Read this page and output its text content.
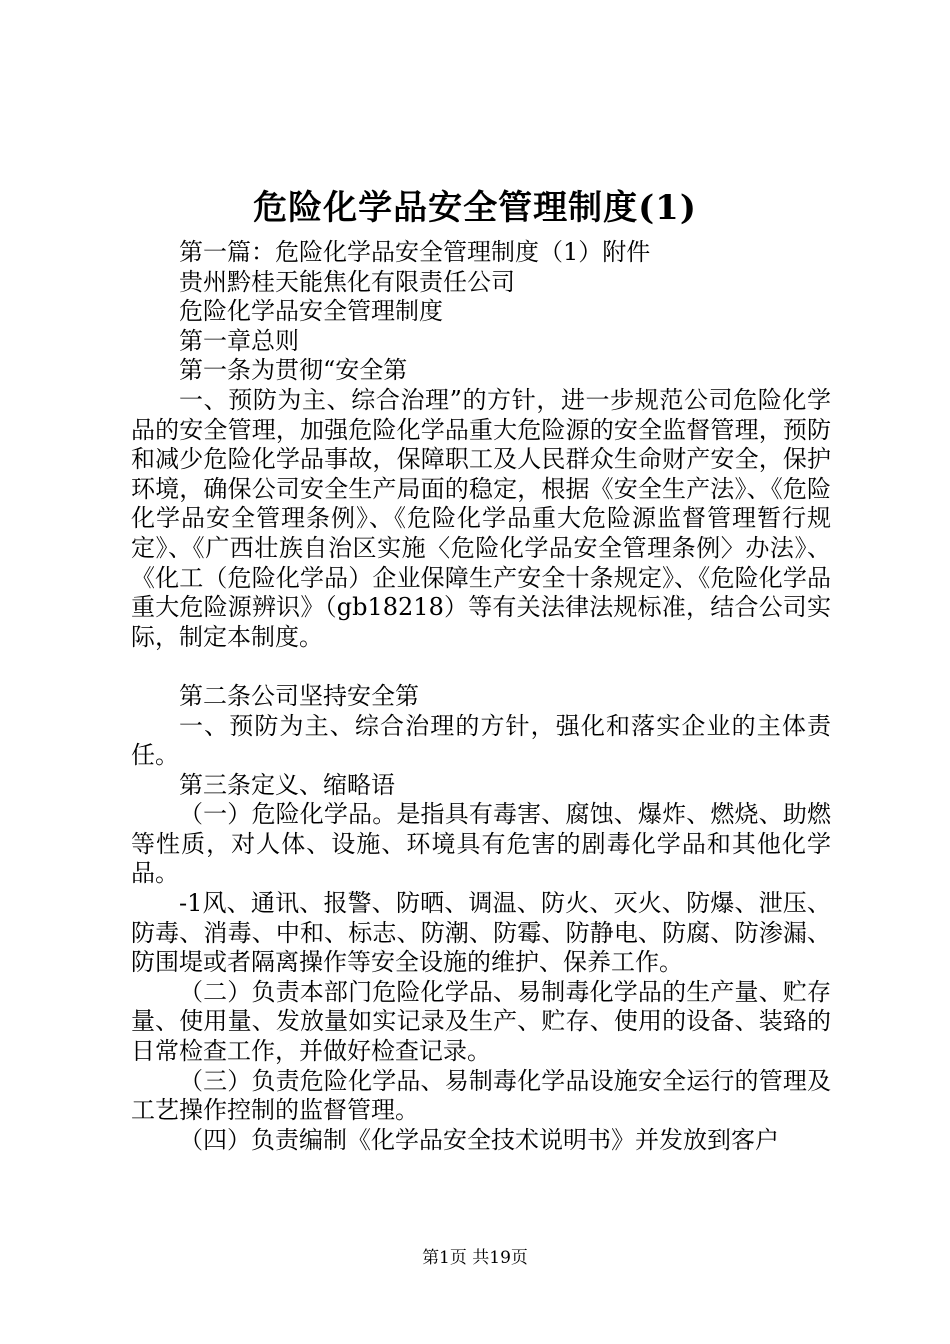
危险化学品安全管理制度(1)

第一篇：危险化学品安全管理制度（1）附件

贵州黔桂天能焦化有限责任公司

危险化学品安全管理制度

第一章总则

第一条为贯彻“安全第

一、预防为主、综合治理”的方针，进一步规范公司危险化学品的安全管理，加强危险化学品重大危险源的安全监督管理，预防和减少危险化学品事故，保障职工及人民群众生命财产安全，保护环境，确保公司安全生产局面的稳定，根据《安全生产法》、《危险化学品安全管理条例》、《危险化学品重大危险源监督管理暂行规定》、《广西壮族自治区实施〈危险化学品安全管理条例〉办法》、《化工（危险化学品）企业保障生产安全十条规定》、《危险化学品重大危险源辨识》（gb18218）等有关法律法规标准，结合公司实际，制定本制度。

第二条公司坚持安全第

一、预防为主、综合治理的方针，强化和落实企业的主体责任。

第三条定义、缩略语

（一）危险化学品。是指具有毒害、腐蚀、爆炸、燃烧、助燃等性质，对人体、设施、环境具有危害的剧毒化学品和其他化学品。

-1风、通讯、报警、防晒、调温、防火、灭火、防爆、泄压、防毒、消毒、中和、标志、防潮、防霉、防静电、防腐、防渗漏、防围堤或者隔离操作等安全设施的维护、保养工作。

（二）负责本部门危险化学品、易制毒化学品的生产量、贮存量、使用量、发放量如实记录及生产、贮存、使用的设备、装臵的日常检查工作，并做好检查记录。

（三）负责危险化学品、易制毒化学品设施安全运行的管理及工艺操作控制的监督管理。

（四）负责编制《化学品安全技术说明书》并发放到客户

第1页 共19页
